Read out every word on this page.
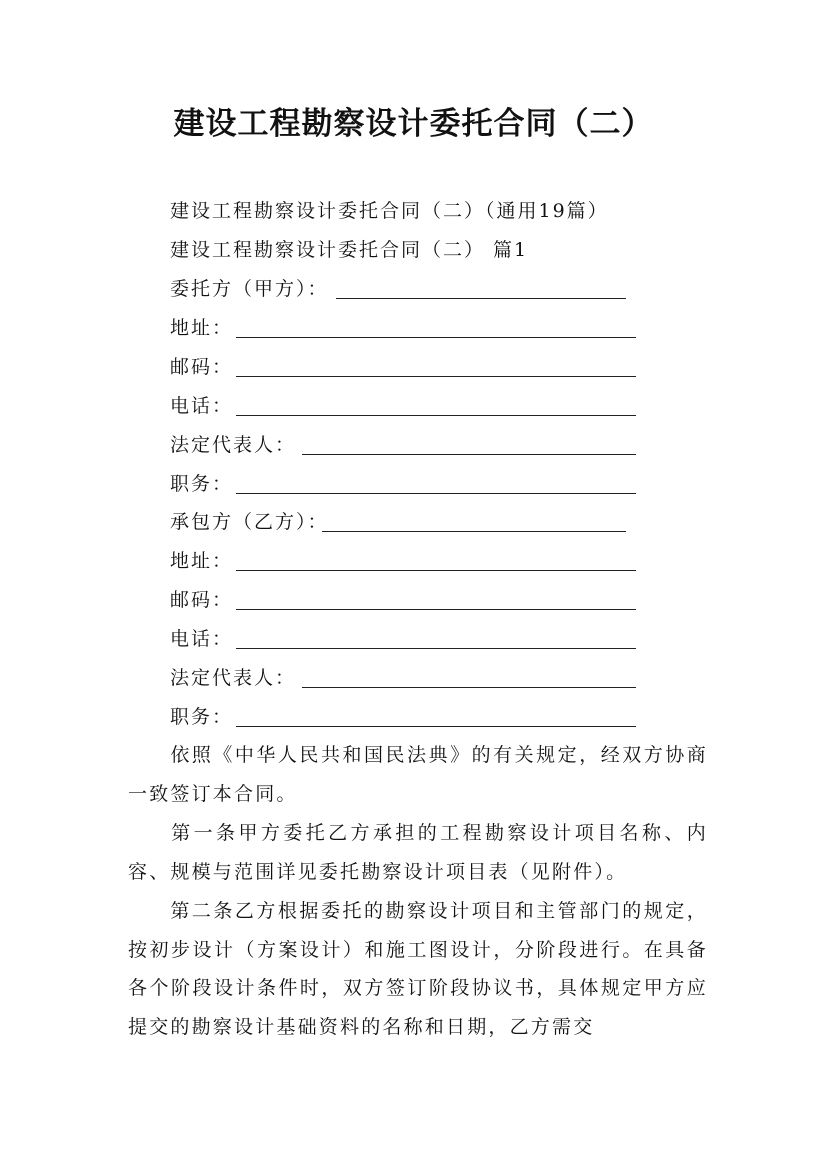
建设工程勘察设计委托合同（二）
建设工程勘察设计委托合同（二）（通用19篇）
建设工程勘察设计委托合同（二） 篇1
委托方（甲方）：
地址：
邮码：
电话：
法定代表人：
职务：
承包方（乙方）：
地址：
邮码：
电话：
法定代表人：
职务：
依照《中华人民共和国民法典》的有关规定，经双方协商一致签订本合同。
第一条甲方委托乙方承担的工程勘察设计项目名称、内容、规模与范围详见委托勘察设计项目表（见附件）。
第二条乙方根据委托的勘察设计项目和主管部门的规定，按初步设计（方案设计）和施工图设计，分阶段进行。在具备各个阶段设计条件时，双方签订阶段协议书，具体规定甲方应提交的勘察设计基础资料的名称和日期，乙方需交
